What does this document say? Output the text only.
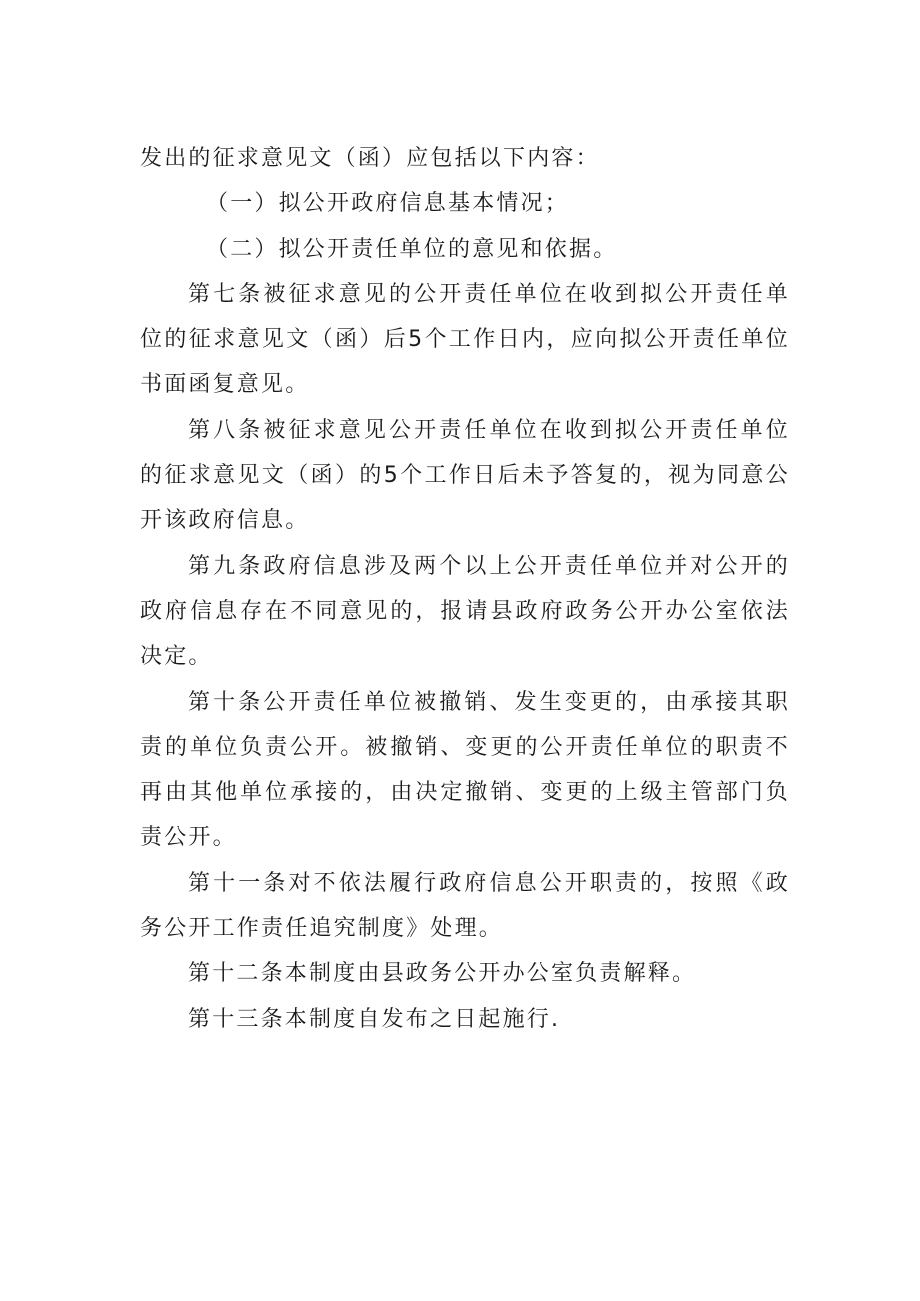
发出的征求意见文（函）应包括以下内容：

（一）拟公开政府信息基本情况；

（二）拟公开责任单位的意见和依据。

第七条被征求意见的公开责任单位在收到拟公开责任单位的征求意见文（函）后5个工作日内，应向拟公开责任单位书面函复意见。

第八条被征求意见公开责任单位在收到拟公开责任单位的征求意见文（函）的5个工作日后未予答复的，视为同意公开该政府信息。

第九条政府信息涉及两个以上公开责任单位并对公开的政府信息存在不同意见的，报请县政府政务公开办公室依法决定。

第十条公开责任单位被撤销、发生变更的，由承接其职责的单位负责公开。被撤销、变更的公开责任单位的职责不再由其他单位承接的，由决定撤销、变更的上级主管部门负责公开。

第十一条对不依法履行政府信息公开职责的，按照《政务公开工作责任追究制度》处理。

第十二条本制度由县政务公开办公室负责解释。

第十三条本制度自发布之日起施行.
